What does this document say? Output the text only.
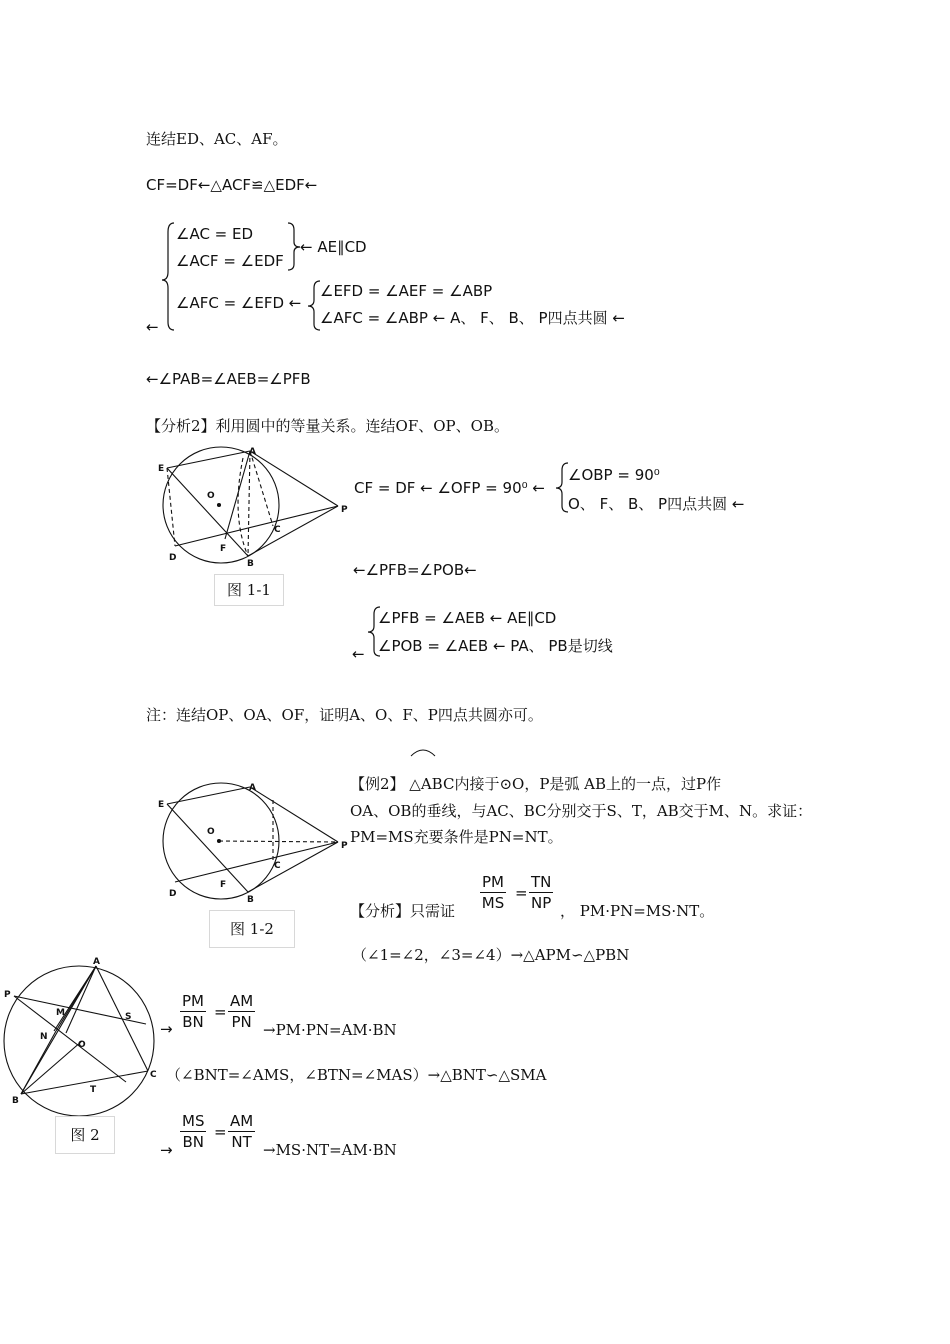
连结ED、AC、AF。
CF=DF←△ACF≌△EDF←
∠AC = ED
∠ACF = ∠EDF
← AE∥CD
∠AFC = ∠EFD ←
∠EFD = ∠AEF = ∠ABP
∠AFC = ∠ABP ← A、 F、 B、 P四点共圆 ←
←
←∠PAB=∠AEB=∠PFB
【分析2】利用圆中的等量关系。连结OF、OP、OB。
E
A
O
C
P
F
D
B
图 1-1
CF = DF ← ∠OFP = 90⁰ ←
∠OBP = 90⁰
O、 F、 B、 P四点共圆 ←
←∠PFB=∠POB←
∠PFB = ∠AEB ← AE∥CD
∠POB = ∠AEB ← PA、 PB是切线
←
注：连结OP、OA、OF，证明A、O、F、P四点共圆亦可。
E
A
O
C
P
F
D
B
图 1-2
【例2】 △ABC内接于⊙O，P是弧 AB上的一点，过P作
OA、OB的垂线，与AC、BC分别交于S、T，AB交于M、N。求证：
PM=MS充要条件是PN=NT。
【分析】只需证 $\frac{PM}{MS} = \frac{TN}{NP}$ ， PM·PN=MS·NT。
（∠1=∠2，∠3=∠4）→△APM∽△PBN
A
P
S
M
N
O
C
T
B
图 2
→ $\frac{PM}{BN} = \frac{AM}{PN} \to PM\cdot PN=AM\cdot BN$
（∠BNT=∠AMS，∠BTN=∠MAS）→△BNT∽△SMA
→ $\frac{MS}{BN} = \frac{AM}{NT} \to MS\cdot NT=AM\cdot BN$
